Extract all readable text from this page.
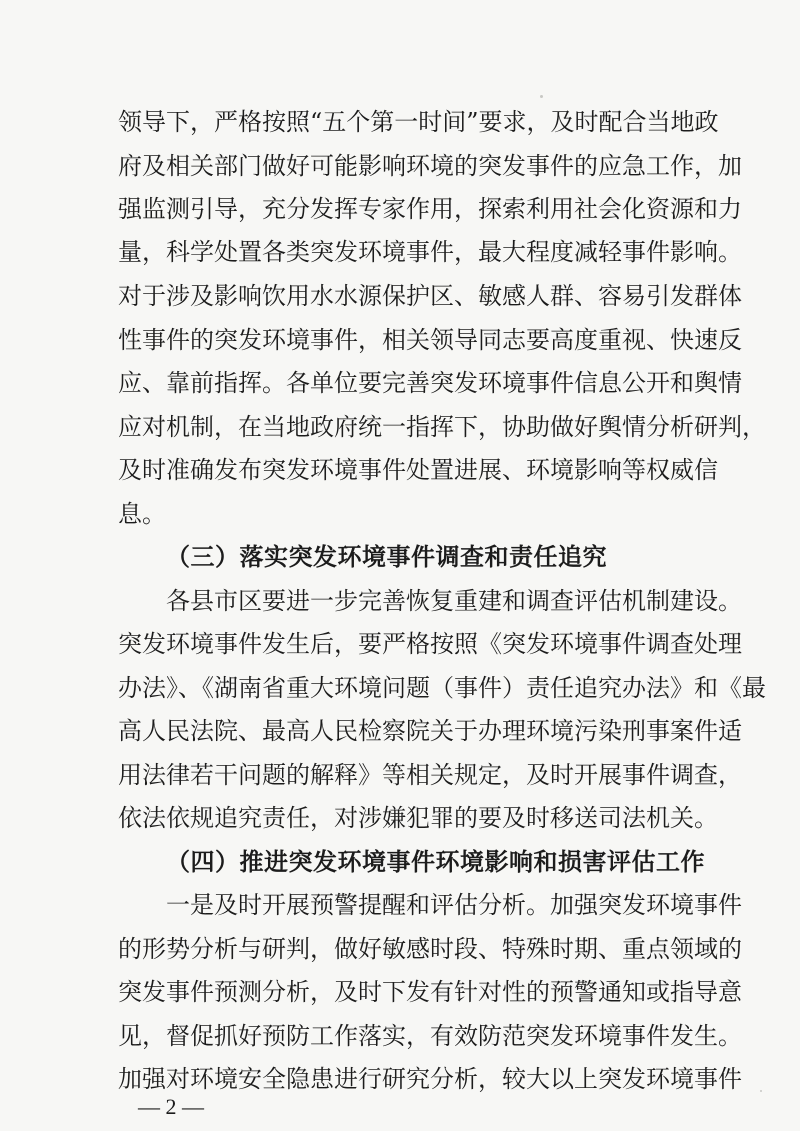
领导下，严格按照“五个第一时间”要求，及时配合当地政
府及相关部门做好可能影响环境的突发事件的应急工作，加
强监测引导，充分发挥专家作用，探索利用社会化资源和力
量，科学处置各类突发环境事件，最大程度减轻事件影响。
对于涉及影响饮用水水源保护区、敏感人群、容易引发群体
性事件的突发环境事件，相关领导同志要高度重视、快速反
应、靠前指挥。各单位要完善突发环境事件信息公开和舆情
应对机制，在当地政府统一指挥下，协助做好舆情分析研判，
及时准确发布突发环境事件处置进展、环境影响等权威信
息。
（三）落实突发环境事件调查和责任追究
各县市区要进一步完善恢复重建和调查评估机制建设。
突发环境事件发生后，要严格按照《突发环境事件调查处理
办法》、《湖南省重大环境问题（事件）责任追究办法》和《最
高人民法院、最高人民检察院关于办理环境污染刑事案件适
用法律若干问题的解释》等相关规定，及时开展事件调查，
依法依规追究责任，对涉嫌犯罪的要及时移送司法机关。
（四）推进突发环境事件环境影响和损害评估工作
一是及时开展预警提醒和评估分析。加强突发环境事件
的形势分析与研判，做好敏感时段、特殊时期、重点领域的
突发事件预测分析，及时下发有针对性的预警通知或指导意
见，督促抓好预防工作落实，有效防范突发环境事件发生。
加强对环境安全隐患进行研究分析，较大以上突发环境事件
— 2 —
